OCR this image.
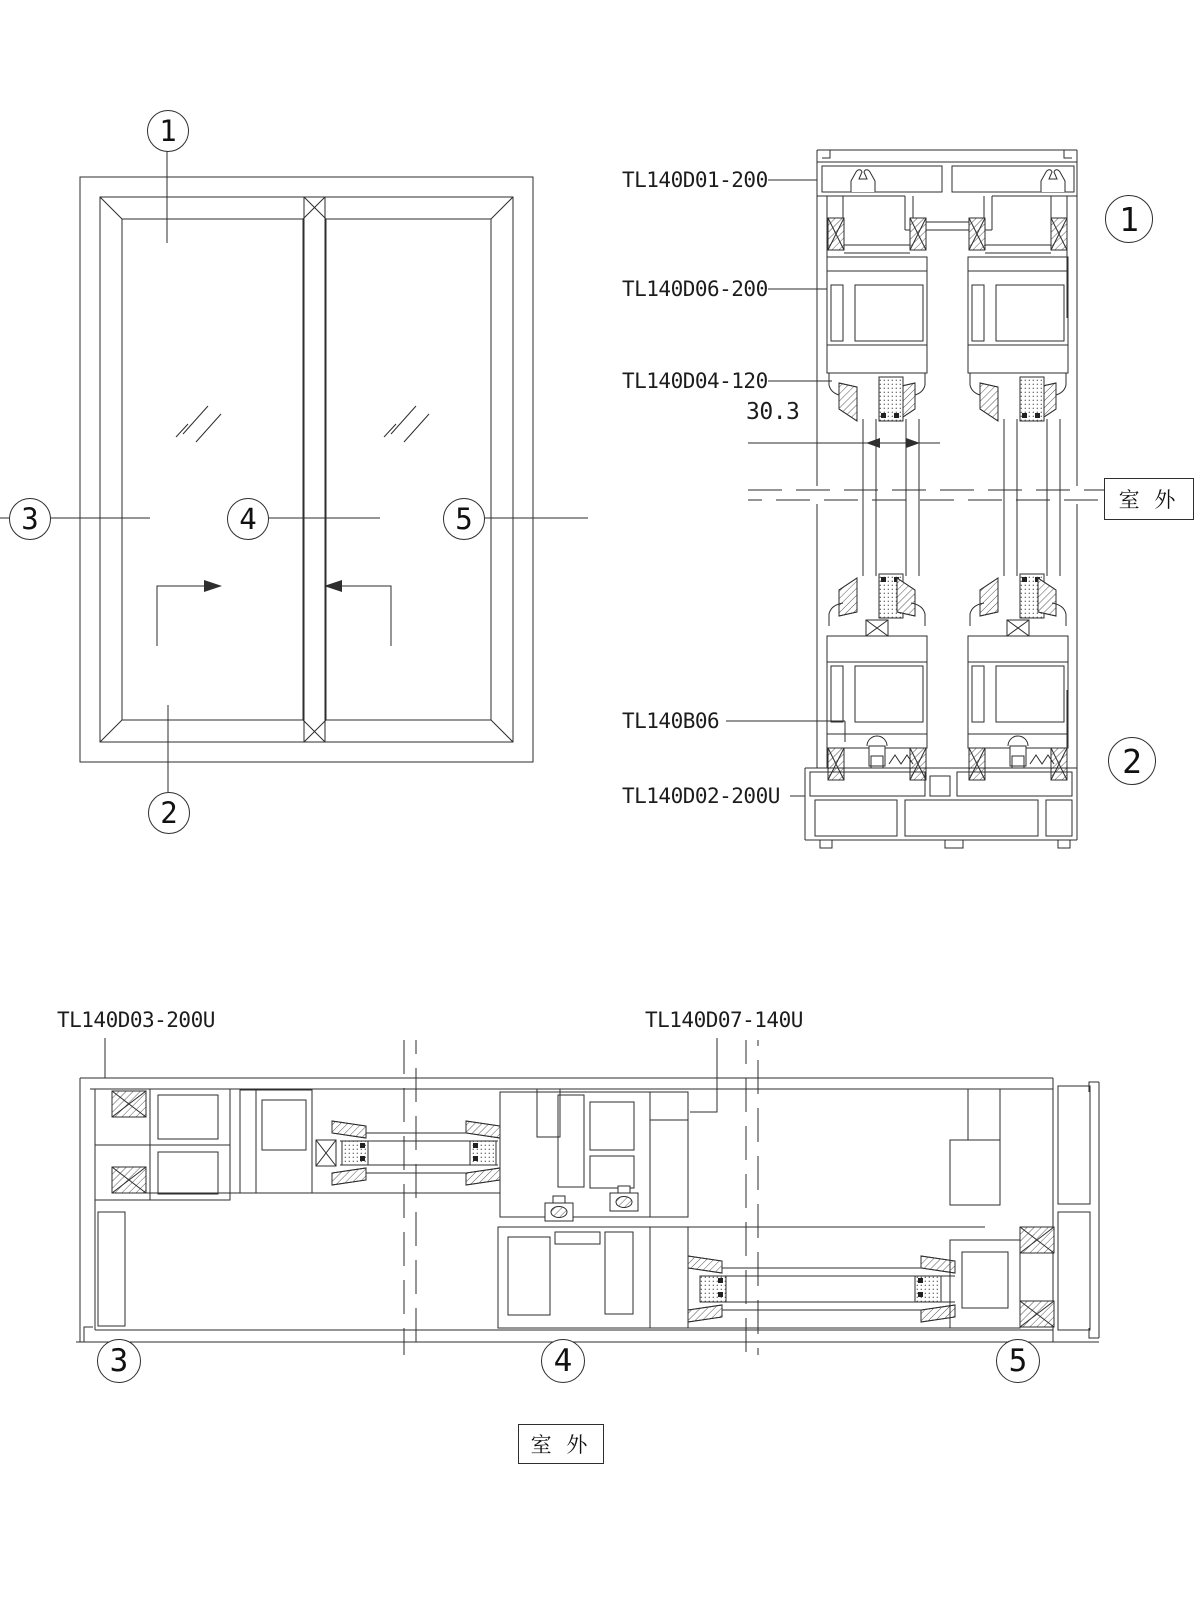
TL140D01-200
TL140D06-200
TL140D04-120
30.3
TL140B06
TL140D02-200U
TL140D03-200U	TL140D07-140U
室 外
室 外
1
2
3	4	5
1
2
3	4	5
